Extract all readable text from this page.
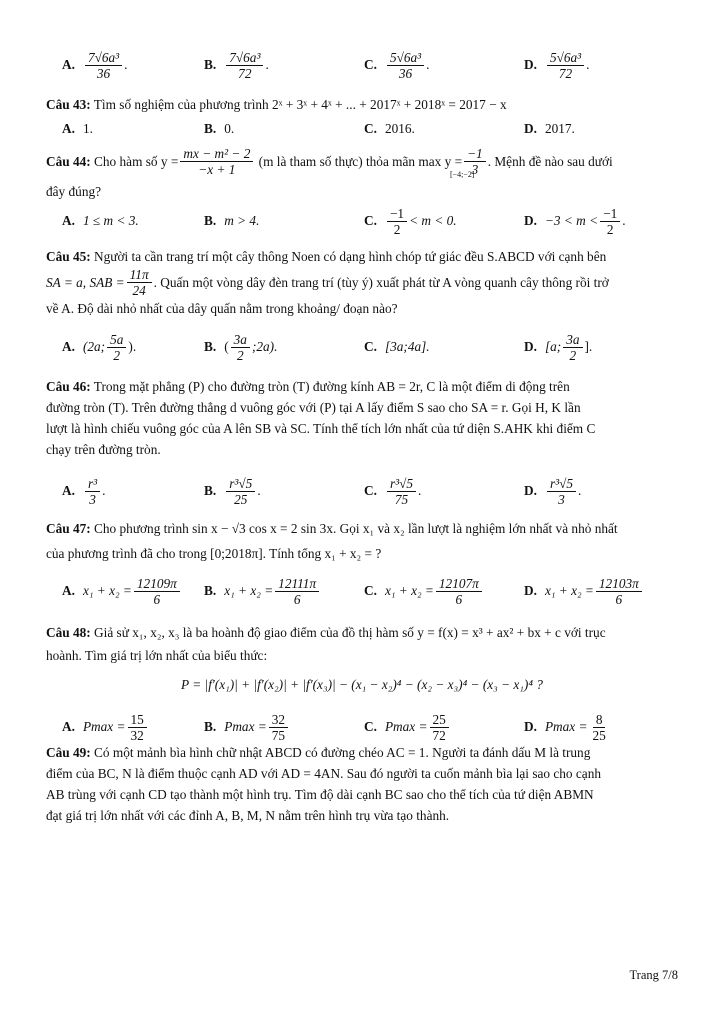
A. $\frac{\text{7√6a³}}{36}$ .	B. $\frac{\text{7√6a³}}{72}$ .	C. $\frac{\text{5√6a³}}{36}$ .	D. $\frac{\text{5√6a³}}{72}$ .

Câu 43: Tìm số nghiệm của phương trình 2ˣ + 3ˣ + 4ˣ + ... + 2017ˣ + 2018ˣ = 2017 − x

A. 1.	B. 0.	C. 2016.	D. 2017.

Câu 44:
Cho hàm số $y = \frac{\text{mx − m² − 2}}{-x + 1}$
(m là tham số thực) thỏa mãn $\max y = \frac{-1}{3}$ . Mệnh đề nào sau dưới

[−4;−2]

đây đúng?

A. 1 ≤ m < 3.	B. m > 4.	C. $\frac{-1}{2} < m < 0$.	D. $-3 < m < \frac{-1}{2}$ .

Câu 45: Người ta cần trang trí một cây thông Noen có dạng hình chóp tứ giác đều S.ABCD với cạnh bên

SA = a, SAB = $\frac{11\pi}{24}$ . Quấn một vòng dây đèn trang trí (tùy ý) xuất phát từ A vòng quanh cây thông rồi trở

về A. Độ dài nhỏ nhất của dây quấn nằm trong khoảng/ đoạn nào?

A. (2a; $\frac{5a}{2}$ ).	B. ( $\frac{3a}{2}$ ;2a).	C. [3a;4a].	D. [a; $\frac{3a}{2}$ ].

Câu 46: Trong mặt phẳng (P) cho đường tròn (T) đường kính AB = 2r, C là một điểm di động trên

đường tròn (T). Trên đường thẳng d vuông góc với (P) tại A lấy điểm S sao cho SA = r. Gọi H, K lần

lượt là hình chiếu vuông góc của A lên SB và SC. Tính thể tích lớn nhất của tứ diện S.AHK khi điểm C

chạy trên đường tròn.

A. $\frac{\text{r³}}{3}$ .	B. $\frac{\text{r³√5}}{25}$ .	C. $\frac{\text{r³√5}}{75}$ .	D. $\frac{\text{r³√5}}{3}$ .

Câu 47: Cho phương trình sin x − √3 cos x = 2 sin 3x. Gọi x₁ và x₂ lần lượt là nghiệm lớn nhất và nhỏ nhất

của phương trình đã cho trong [0;2018π]. Tính tổng x₁ + x₂ = ?

A. $x_1 + x_2 = \frac{12109\pi}{6} B$. $x_1 + x_2 = \frac{12111\pi}{6}$	C. $x_1 + x_2 = \frac{12107\pi}{6}$	D. $x_1 + x_2 = \frac{12103\pi}{6}$

Câu 48: Giả sử x₁, x₂, x₃ là ba hoành độ giao điểm của đồ thị hàm số y = f(x) = x³ + ax² + bx + c với trục

hoành. Tìm giá trị lớn nhất của biểu thức:

P = |f′(x₁)| + |f′(x₂)| + |f′(x₃)| − (x₁ − x₂)⁴ − (x₂ − x₃)⁴ − (x₃ − x₁)⁴ ?
A. $Pmax = \frac{15}{32}$	B. $Pmax = \frac{32}{75}$	C. $Pmax = \frac{25}{72}$	D. $Pmax = \frac{8}{25}$

Câu 49: Có một mảnh bìa hình chữ nhật ABCD có đường chéo AC = 1. Người ta đánh dấu M là trung

điểm của BC, N là điểm thuộc cạnh AD với AD = 4AN. Sau đó người ta cuốn mảnh bìa lại sao cho cạnh

AB trùng với cạnh CD tạo thành một hình trụ. Tìm độ dài cạnh BC sao cho thể tích của tứ diện ABMN

đạt giá trị lớn nhất với các đỉnh A, B, M, N nằm trên hình trụ vừa tạo thành.

Trang 7/8
